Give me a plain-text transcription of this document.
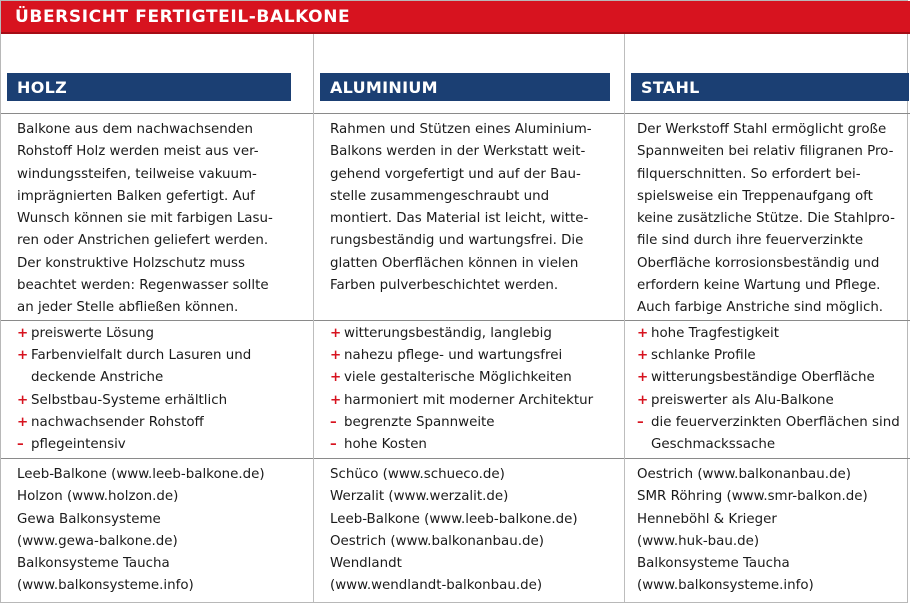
ÜBERSICHT FERTIGTEIL-BALKONE
HOLZ
Balkone aus dem nachwachsenden
Rohstoff Holz werden meist aus ver-
windungssteifen, teilweise vakuum-
imprägnierten Balken gefertigt. Auf
Wunsch können sie mit farbigen Lasu-
ren oder Anstrichen geliefert werden.
Der konstruktive Holzschutz muss
beachtet werden: Regenwasser sollte
an jeder Stelle abfließen können.
+ preiswerte Lösung
+ Farbenvielfalt durch Lasuren und deckende Anstriche
+ Selbstbau-Systeme erhältlich
+ nachwachsender Rohstoff
– pflegeintensiv
Leeb-Balkone (www.leeb-balkone.de)
Holzon (www.holzon.de)
Gewa Balkonsysteme
(www.gewa-balkone.de)
Balkonsysteme Taucha
(www.balkonsysteme.info)
ALUMINIUM
Rahmen und Stützen eines Aluminium-
Balkons werden in der Werkstatt weit-
gehend vorgefertigt und auf der Bau-
stelle zusammengeschraubt und
montiert. Das Material ist leicht, witte-
rungsbeständig und wartungsfrei. Die
glatten Oberflächen können in vielen
Farben pulverbeschichtet werden.
+ witterungsbeständig, langlebig
+ nahezu pflege- und wartungsfrei
+ viele gestalterische Möglichkeiten
+ harmoniert mit moderner Architektur
– begrenzte Spannweite
– hohe Kosten
Schüco (www.schueco.de)
Werzalit (www.werzalit.de)
Leeb-Balkone (www.leeb-balkone.de)
Oestrich (www.balkonanbau.de)
Wendlandt
(www.wendlandt-balkonbau.de)
STAHL
Der Werkstoff Stahl ermöglicht große
Spannweiten bei relativ filigranen Pro-
filquerschnitten. So erfordert bei-
spielsweise ein Treppenaufgang oft
keine zusätzliche Stütze. Die Stahlpro-
file sind durch ihre feuerverzinkte
Oberfläche korrosionsbeständig und
erfordern keine Wartung und Pflege.
Auch farbige Anstriche sind möglich.
+ hohe Tragfestigkeit
+ schlanke Profile
+ witterungsbeständige Oberfläche
+ preiswerter als Alu-Balkone
– die feuerverzinkten Oberflächen sind Geschmackssache
Oestrich (www.balkonanbau.de)
SMR Röhring (www.smr-balkon.de)
Henneböhl & Krieger
(www.huk-bau.de)
Balkonsysteme Taucha
(www.balkonsysteme.info)
